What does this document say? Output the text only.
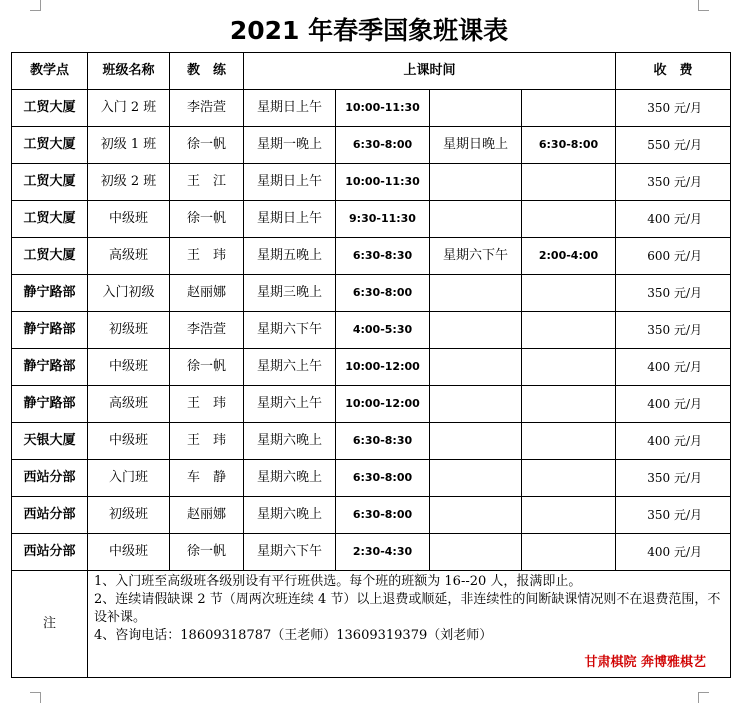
2021 年春季国象班课表
教学点	班级名称	教　练	上课时间				收　费
工贸大厦	入门 2 班	李浩萱	星期日上午	10:00-11:30			350 元/月
工贸大厦	初级 1 班	徐一帆	星期一晚上	6:30-8:00	星期日晚上	6:30-8:00	550 元/月
工贸大厦	初级 2 班	王　江	星期日上午	10:00-11:30			350 元/月
工贸大厦	中级班	徐一帆	星期日上午	9:30-11:30			400 元/月
工贸大厦	高级班	王　玮	星期五晚上	6:30-8:30	星期六下午	2:00-4:00	600 元/月
静宁路部	入门初级	赵丽娜	星期三晚上	6:30-8:00			350 元/月
静宁路部	初级班	李浩萱	星期六下午	4:00-5:30			350 元/月
静宁路部	中级班	徐一帆	星期六上午	10:00-12:00			400 元/月
静宁路部	高级班	王　玮	星期六上午	10:00-12:00			400 元/月
天银大厦	中级班	王　玮	星期六晚上	6:30-8:30			400 元/月
西站分部	入门班	车　静	星期六晚上	6:30-8:00			350 元/月
西站分部	初级班	赵丽娜	星期六晚上	6:30-8:00			350 元/月
西站分部	中级班	徐一帆	星期六下午	2:30-4:30			400 元/月
注	1、入门班至高级班各级别设有平行班供选。每个班的班额为 16--20 人，报满即止。
2、连续请假缺课 2 节（周两次班连续 4 节）以上退费或顺延，非连续性的间断缺课情况则不在退费范围，不设补课。
4、咨询电话：18609318787（王老师）13609319379（刘老师）
甘肃棋院 奔博雅棋艺						
